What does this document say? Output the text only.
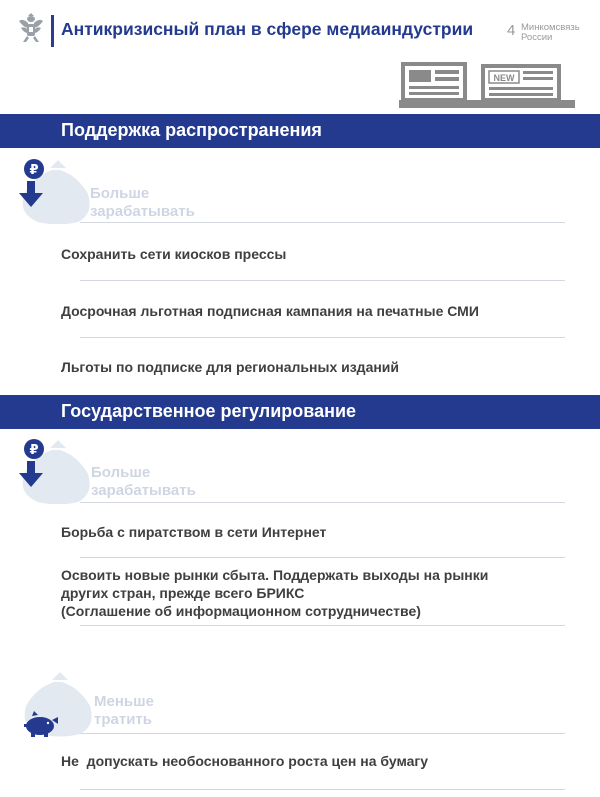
Антикризисный план в сфере медиаиндустрии 4 Минкомсвязь
России
NEW
Поддержка распространения
₽
Больше
зарабатывать
Сохранить сети киосков прессы
Досрочная льготная подписная кампания на печатные СМИ
Льготы по подписке для региональных изданий
Государственное регулирование
₽
Больше
зарабатывать
Борьба с пиратством в сети Интернет
Освоить новые рынки сбыта. Поддержать выходы на рынки
других стран, прежде всего БРИКС
(Соглашение об информационном сотрудничестве)
Меньше
тратить
Не  допускать необоснованного роста цен на бумагу
